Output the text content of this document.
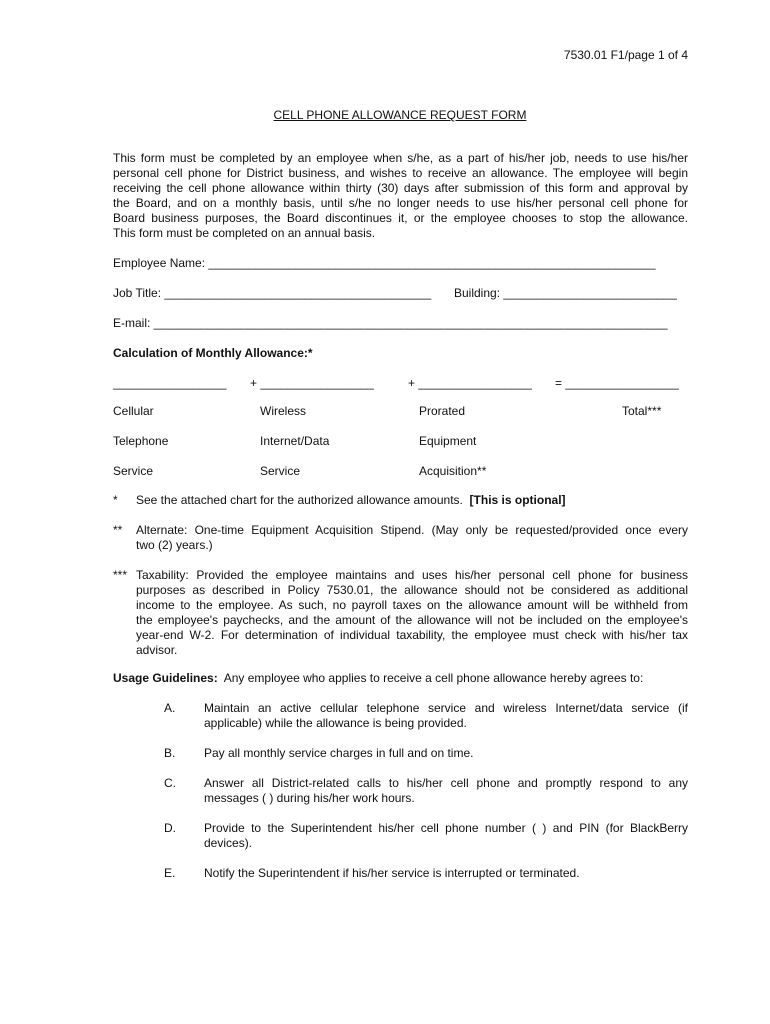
7530.01 F1/page 1 of 4
CELL PHONE ALLOWANCE REQUEST FORM
This form must be completed by an employee when s/he, as a part of his/her job, needs to use his/her
personal cell phone for District business, and wishes to receive an allowance. The employee will begin
receiving the cell phone allowance within thirty (30) days after submission of this form and approval by
the Board, and on a monthly basis, until s/he no longer needs to use his/her personal cell phone for
Board business purposes, the Board discontinues it, or the employee chooses to stop the allowance.
This form must be completed on an annual basis.
Employee Name: ___________________________________________________________________
Job Title: ________________________________________ Building: __________________________
E-mail: _____________________________________________________________________________
Calculation of Monthly Allowance:*
_________________ + _________________	+ _________________ = _________________
Cellular
Telephone
Service
Wireless
Internet/Data
Service
Prorated
Equipment
Acquisition**
Total***
* See the attached chart for the authorized allowance amounts.  [This is optional]
** Alternate: One-time Equipment Acquisition Stipend. (May only be requested/provided once every
two (2) years.)
*** Taxability: Provided the employee maintains and uses his/her personal cell phone for business
purposes as described in Policy 7530.01, the allowance should not be considered as additional
income to the employee. As such, no payroll taxes on the allowance amount will be withheld from
the employee's paychecks, and the amount of the allowance will not be included on the employee's
year-end W-2. For determination of individual taxability, the employee must check with his/her tax
advisor.
Usage Guidelines:  Any employee who applies to receive a cell phone allowance hereby agrees to:
A. Maintain an active cellular telephone service and wireless Internet/data service (if
applicable) while the allowance is being provided.
B. Pay all monthly service charges in full and on time.
C. Answer all District-related calls to his/her cell phone and promptly respond to any
messages ( ) during his/her work hours.
D. Provide to the Superintendent his/her cell phone number ( ) and PIN (for BlackBerry
devices).
E. Notify the Superintendent if his/her service is interrupted or terminated.
